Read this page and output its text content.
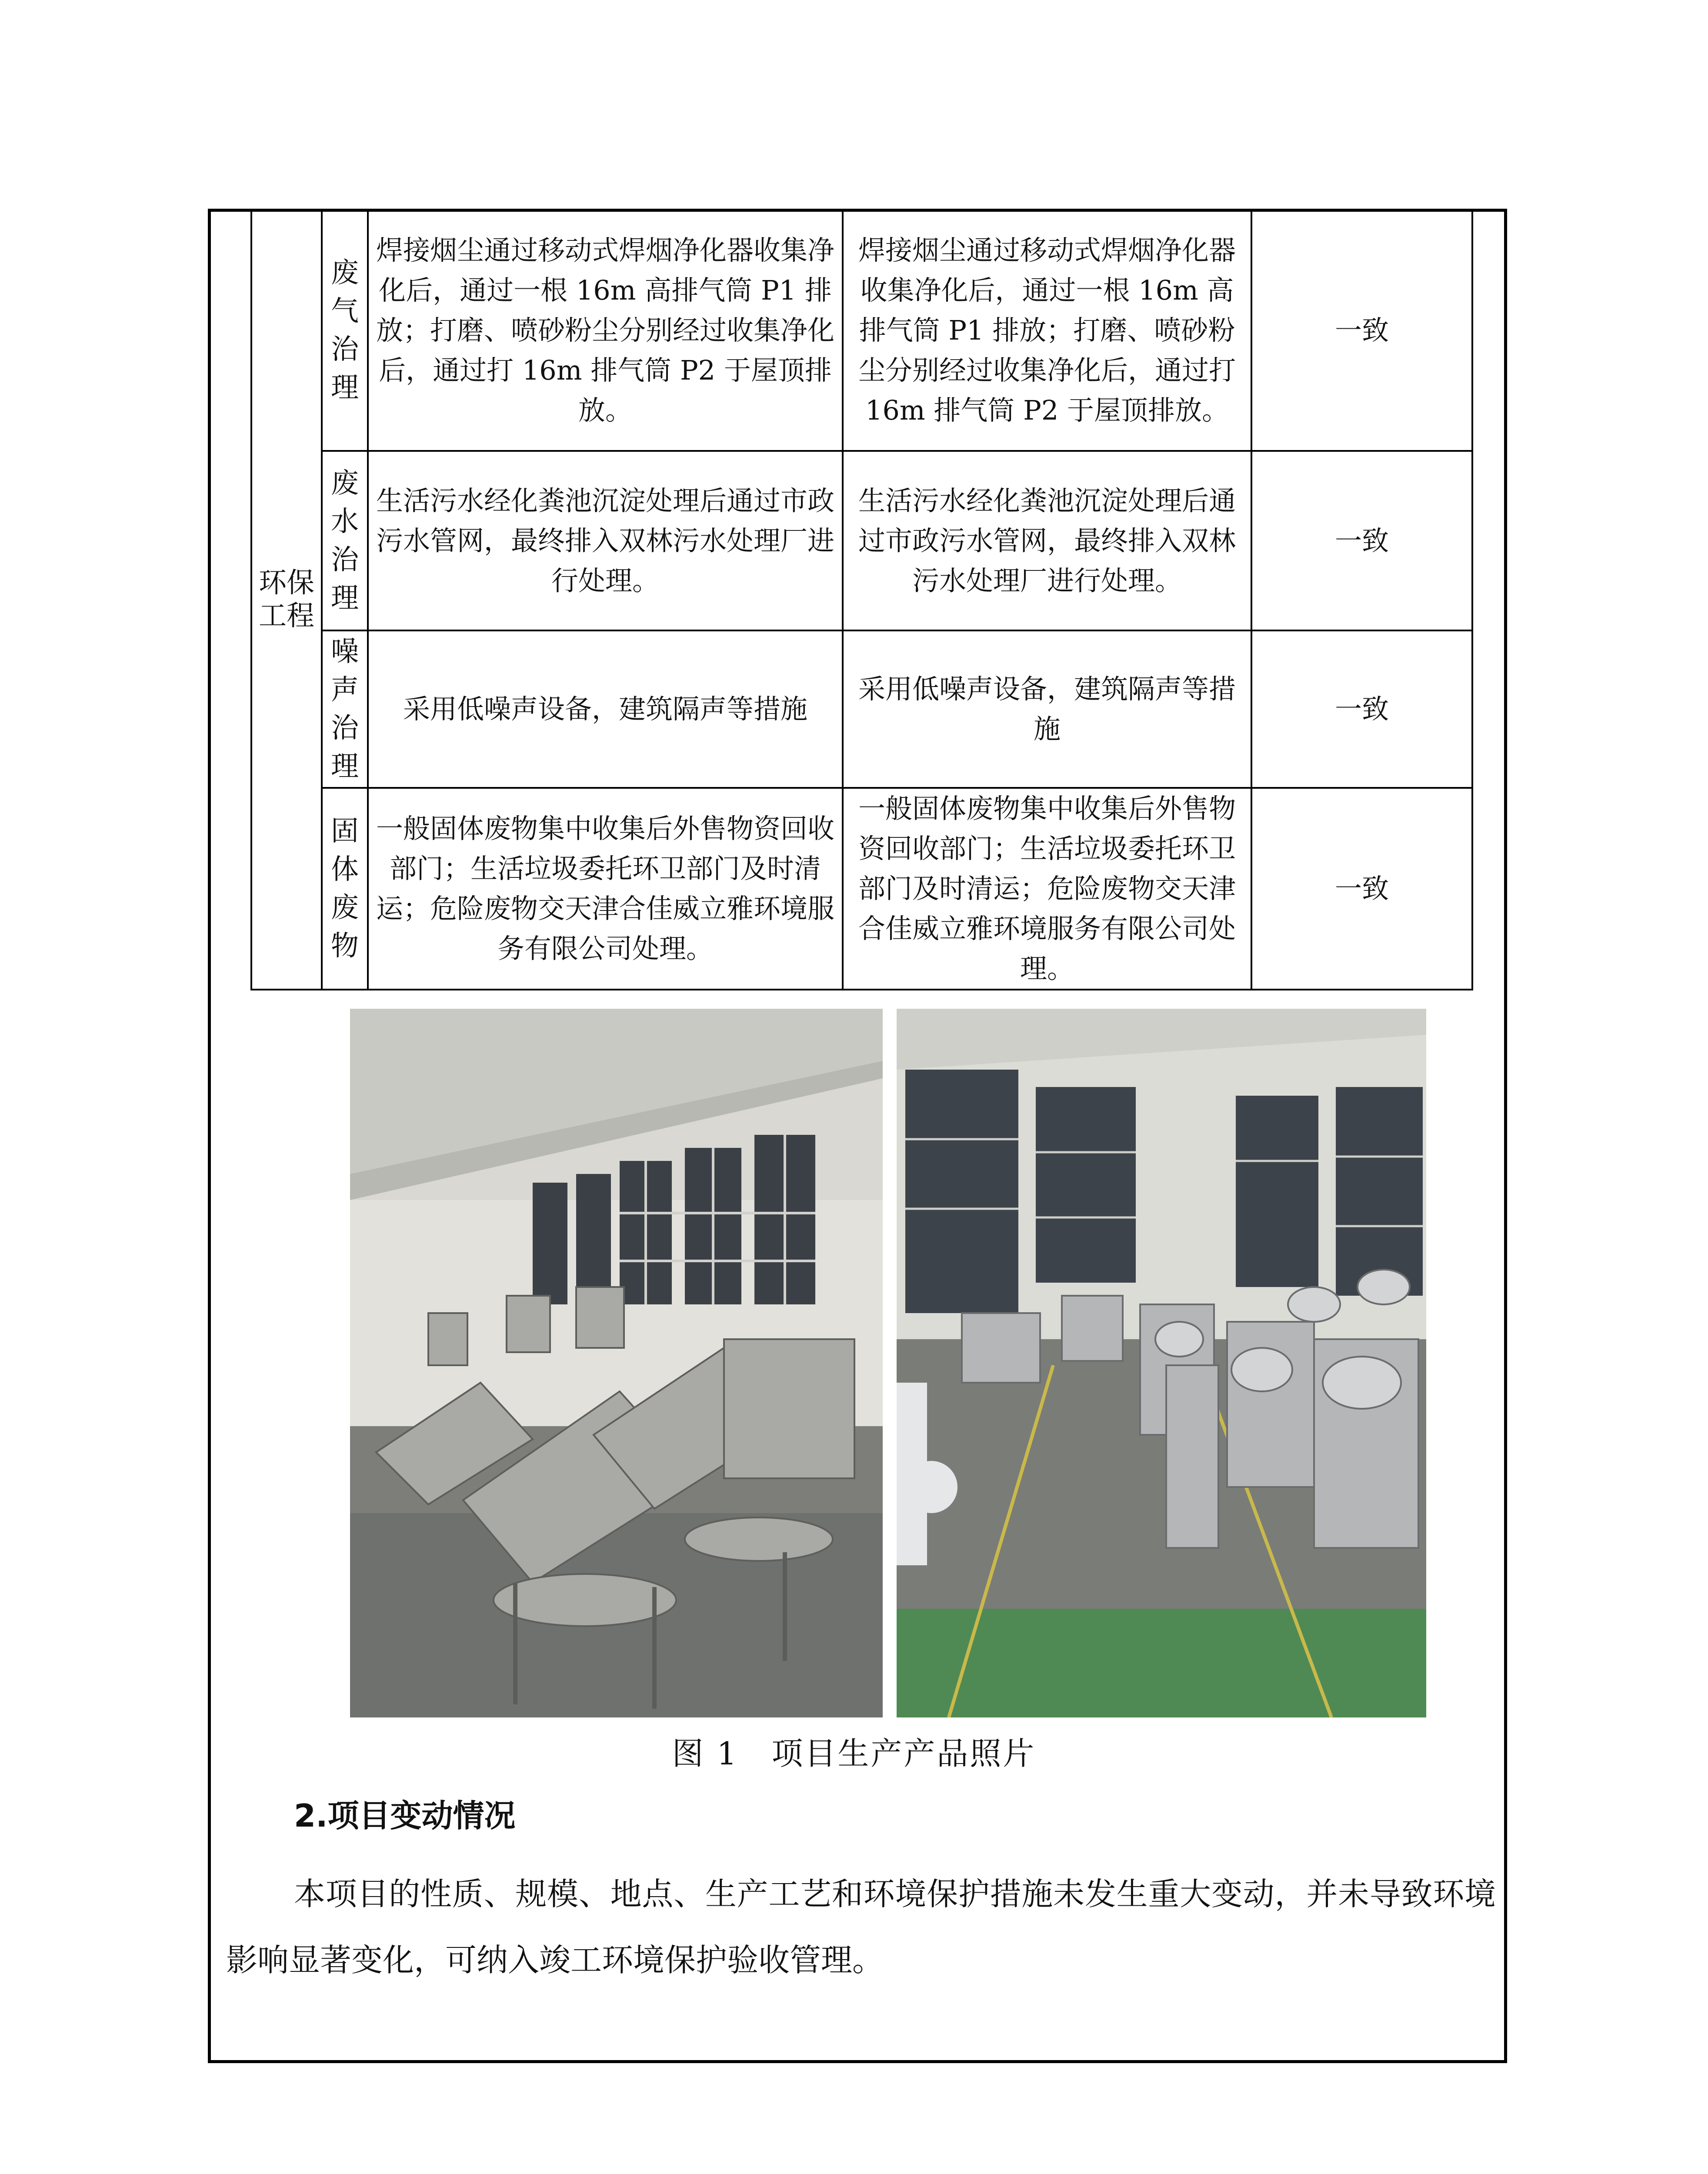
环保工程	废气治理	焊接烟尘通过移动式焊烟净化器收集净化后，通过一根 16m 高排气筒 P1 排放；打磨、喷砂粉尘分别经过收集净化后，通过打 16m 排气筒 P2 于屋顶排放。	焊接烟尘通过移动式焊烟净化器收集净化后，通过一根 16m 高排气筒 P1 排放；打磨、喷砂粉尘分别经过收集净化后，通过打 16m 排气筒 P2 于屋顶排放。	一致

	废水治理	生活污水经化粪池沉淀处理后通过市政污水管网，最终排入双林污水处理厂进行处理。	生活污水经化粪池沉淀处理后通过市政污水管网，最终排入双林污水处理厂进行处理。	一致

	噪声治理	采用低噪声设备，建筑隔声等措施	采用低噪声设备，建筑隔声等措施	一致

	固体废物	一般固体废物集中收集后外售物资回收部门；生活垃圾委托环卫部门及时清运；危险废物交天津合佳威立雅环境服务有限公司处理。	一般固体废物集中收集后外售物资回收部门；生活垃圾委托环卫部门及时清运；危险废物交天津合佳威立雅环境服务有限公司处理。	一致
图 1　项目生产产品照片
2.项目变动情况
本项目的性质、规模、地点、生产工艺和环境保护措施未发生重大变动，并未导致环境影响显著变化，可纳入竣工环境保护验收管理。
